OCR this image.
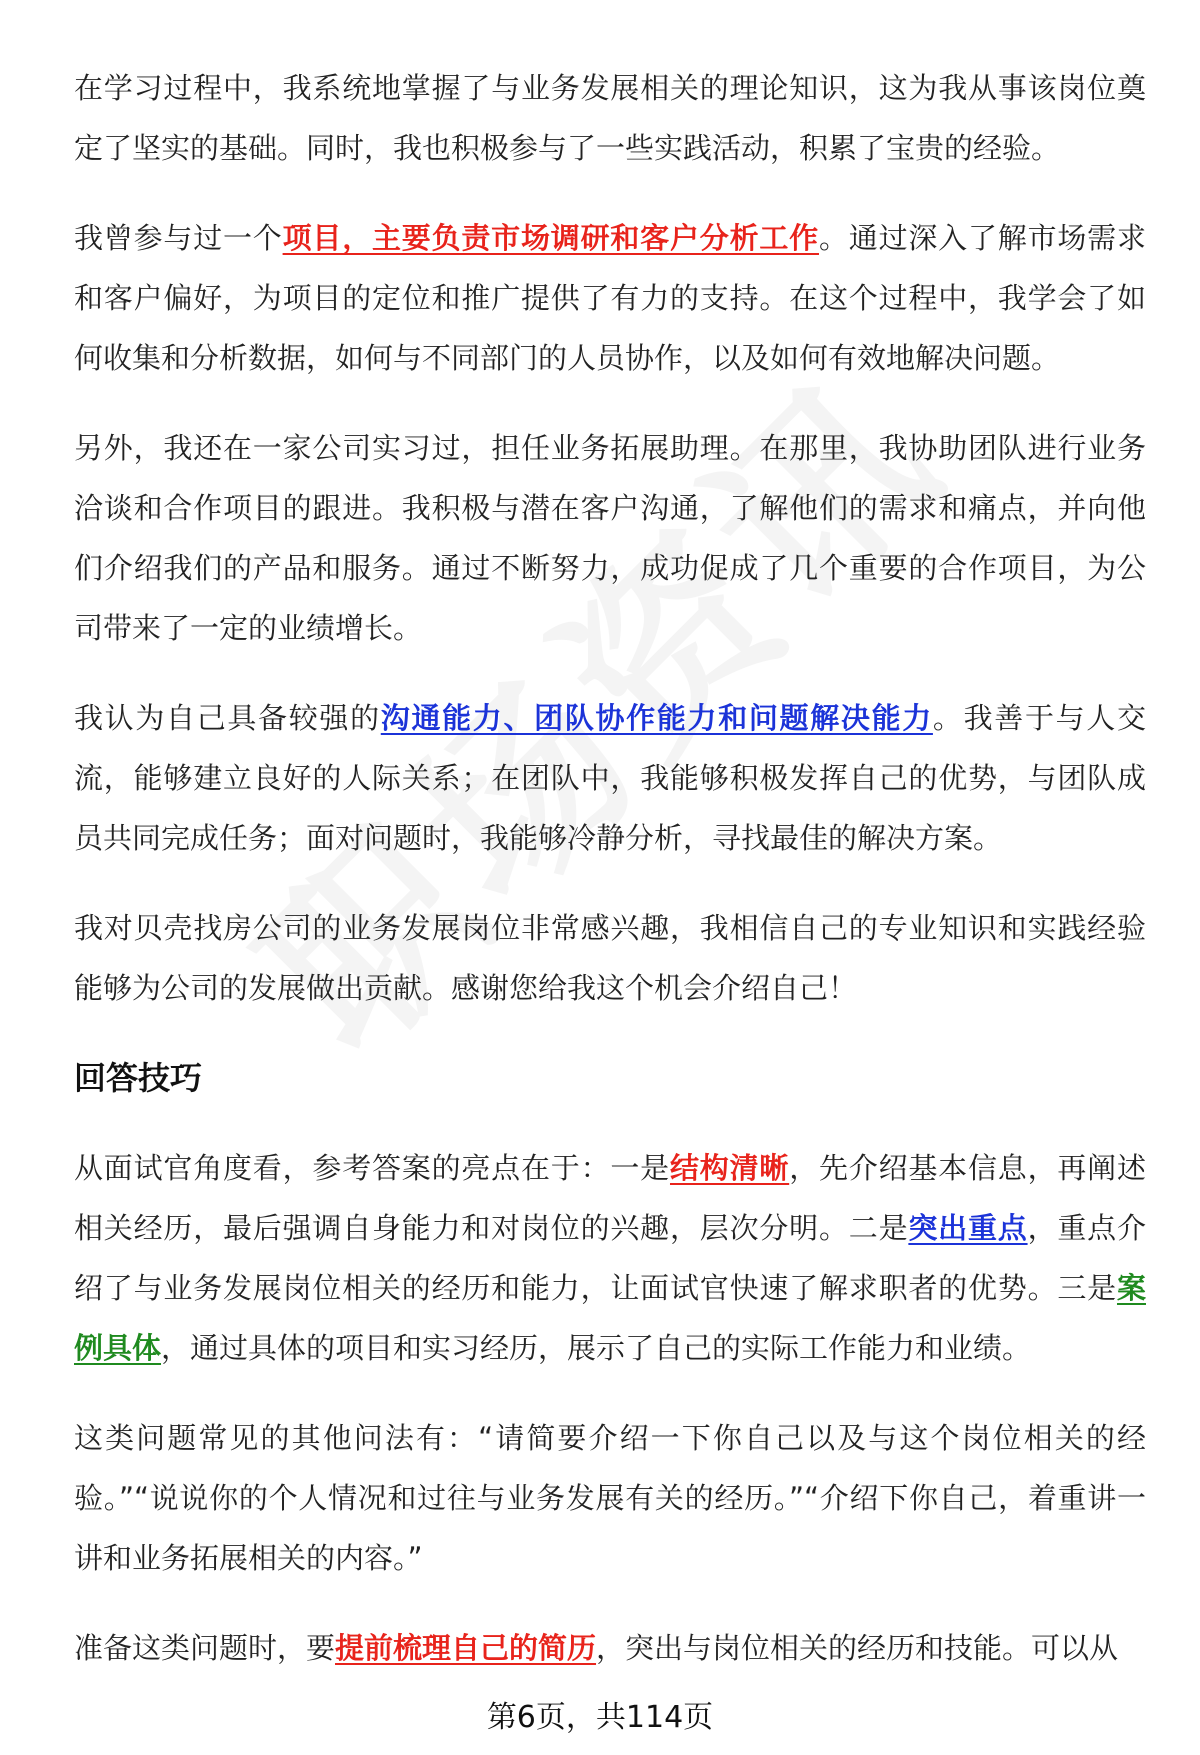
在学习过程中，我系统地掌握了与业务发展相关的理论知识，这为我从事该岗位奠定了坚实的基础。同时，我也积极参与了一些实践活动，积累了宝贵的经验。

我曾参与过一个项目，主要负责市场调研和客户分析工作。通过深入了解市场需求和客户偏好，为项目的定位和推广提供了有力的支持。在这个过程中，我学会了如何收集和分析数据，如何与不同部门的人员协作，以及如何有效地解决问题。

另外，我还在一家公司实习过，担任业务拓展助理。在那里，我协助团队进行业务洽谈和合作项目的跟进。我积极与潜在客户沟通，了解他们的需求和痛点，并向他们介绍我们的产品和服务。通过不断努力，成功促成了几个重要的合作项目，为公司带来了一定的业绩增长。

我认为自己具备较强的沟通能力、团队协作能力和问题解决能力。我善于与人交流，能够建立良好的人际关系；在团队中，我能够积极发挥自己的优势，与团队成员共同完成任务；面对问题时，我能够冷静分析，寻找最佳的解决方案。

我对贝壳找房公司的业务发展岗位非常感兴趣，我相信自己的专业知识和实践经验能够为公司的发展做出贡献。感谢您给我这个机会介绍自己！

回答技巧

从面试官角度看，参考答案的亮点在于：一是结构清晰，先介绍基本信息，再阐述相关经历，最后强调自身能力和对岗位的兴趣，层次分明。二是突出重点，重点介绍了与业务发展岗位相关的经历和能力，让面试官快速了解求职者的优势。三是案例具体，通过具体的项目和实习经历，展示了自己的实际工作能力和业绩。

这类问题常见的其他问法有：“请简要介绍一下你自己以及与这个岗位相关的经验。”“说说你的个人情况和过往与业务发展有关的经历。”“介绍下你自己，着重讲一讲和业务拓展相关的内容。”

准备这类问题时，要提前梳理自己的简历，突出与岗位相关的经历和技能。可以从

第6页，共114页
